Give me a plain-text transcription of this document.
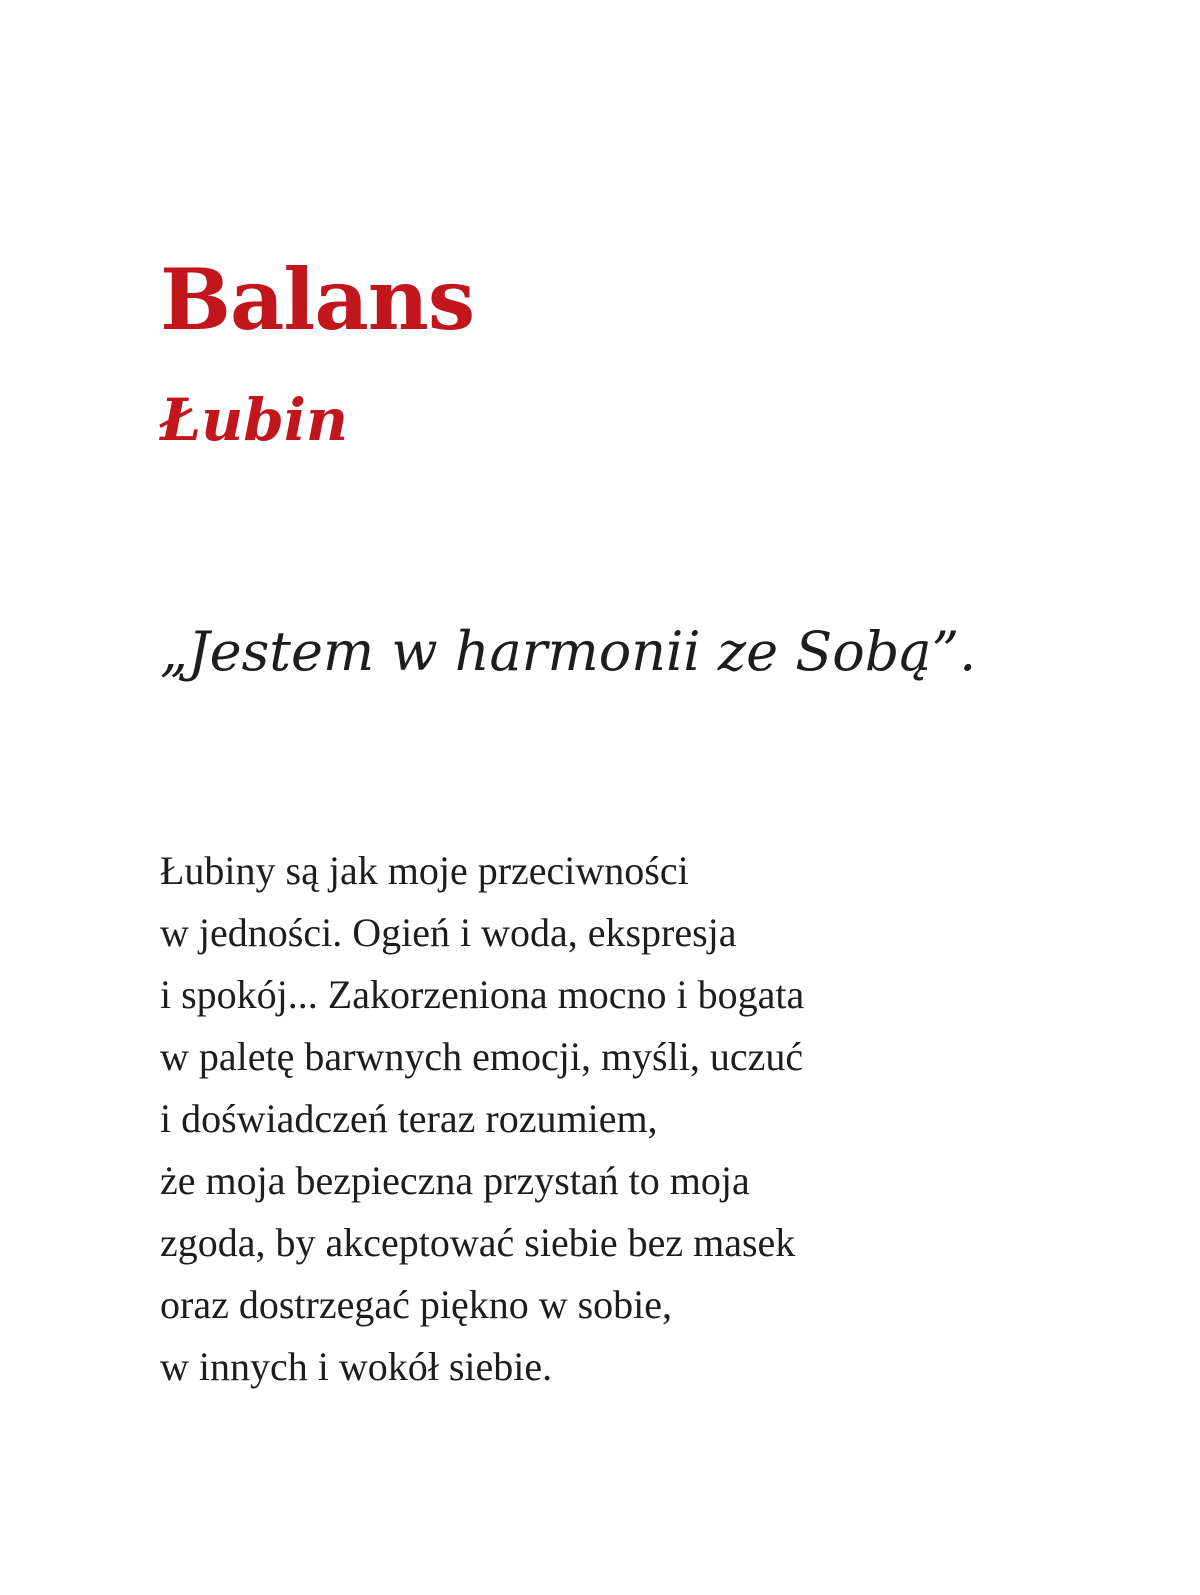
Balans
Łubin

„Jestem w harmonii ze Sobą”.

Łubiny są jak moje przeciwności
w jedności. Ogień i woda, ekspresja
i spokój... Zakorzeniona mocno i bogata
w paletę barwnych emocji, myśli, uczuć
i doświadczeń teraz rozumiem,
że moja bezpieczna przystań to moja
zgoda, by akceptować siebie bez masek
oraz dostrzegać piękno w sobie,
w innych i wokół siebie.
